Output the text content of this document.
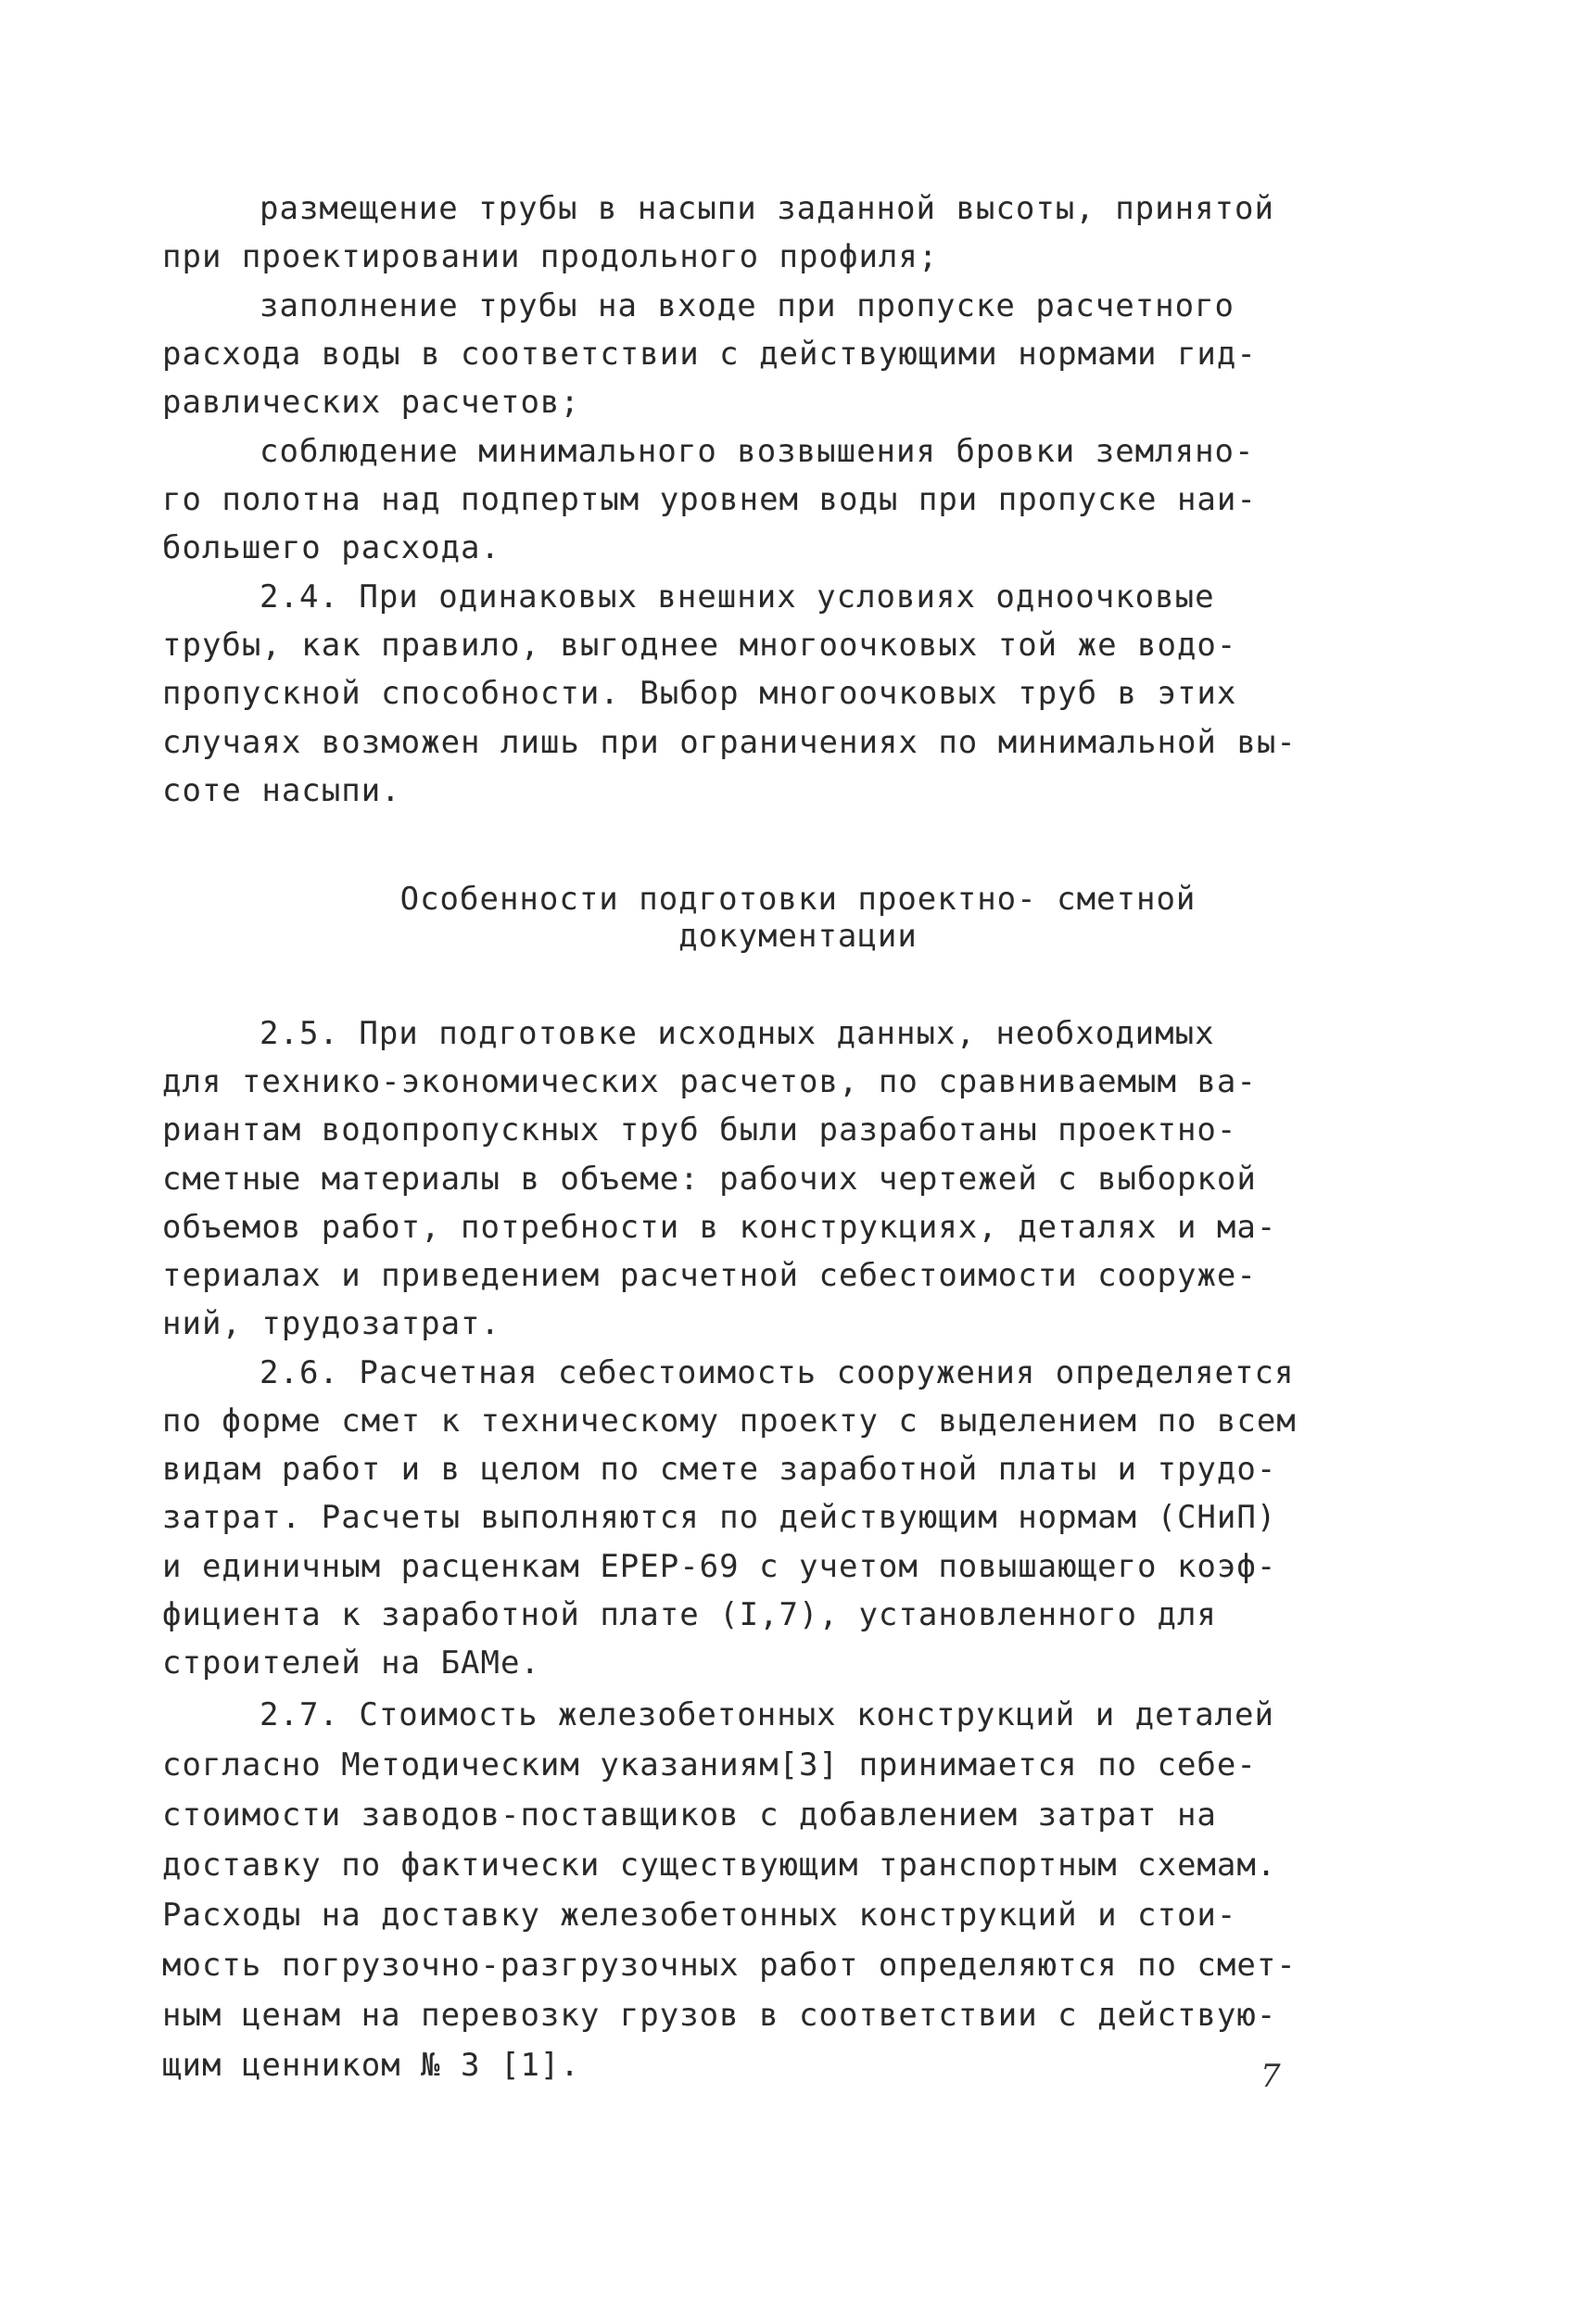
размещение трубы в насыпи заданной высоты, принятой
при проектировании продольного профиля;
заполнение трубы на входе при пропуске расчетного
расхода воды в соответствии с действующими нормами гид-
равлических расчетов;
соблюдение минимального возвышения бровки земляно-
го полотна над подпертым уровнем воды при пропуске наи-
большего расхода.
2.4. При одинаковых внешних условиях одноочковые
трубы, как правило, выгоднее многоочковых той же водо-
пропускной способности. Выбор многоочковых труб в этих
случаях возможен лишь при ограничениях по минимальной вы-
соте насыпи.
Особенности подготовки проектно- сметной
документации
2.5. При подготовке исходных данных, необходимых
для технико-экономических расчетов, по сравниваемым ва-
риантам водопропускных труб были разработаны проектно-
сметные материалы в объеме: рабочих чертежей с выборкой
объемов работ, потребности в конструкциях, деталях и ма-
териалах и приведением расчетной себестоимости сооруже-
ний, трудозатрат.
2.6. Расчетная себестоимость сооружения определяется
по форме смет к техническому проекту с выделением по всем
видам работ и в целом по смете заработной платы и трудо-
затрат. Расчеты выполняются по действующим нормам (СНиП)
и единичным расценкам ЕРЕР-69 с учетом повышающего коэф-
фициента к заработной плате (I,7), установленного для
строителей на БАМе.
2.7. Стоимость железобетонных конструкций и деталей
согласно Методическим указаниям[3] принимается по себе-
стоимости заводов-поставщиков с добавлением затрат на
доставку по фактически существующим транспортным схемам.
Расходы на доставку железобетонных конструкций и стои-
мость погрузочно-разгрузочных работ определяются по смет-
ным ценам на перевозку грузов в соответствии с действую-
щим ценником № 3 [1].	7
